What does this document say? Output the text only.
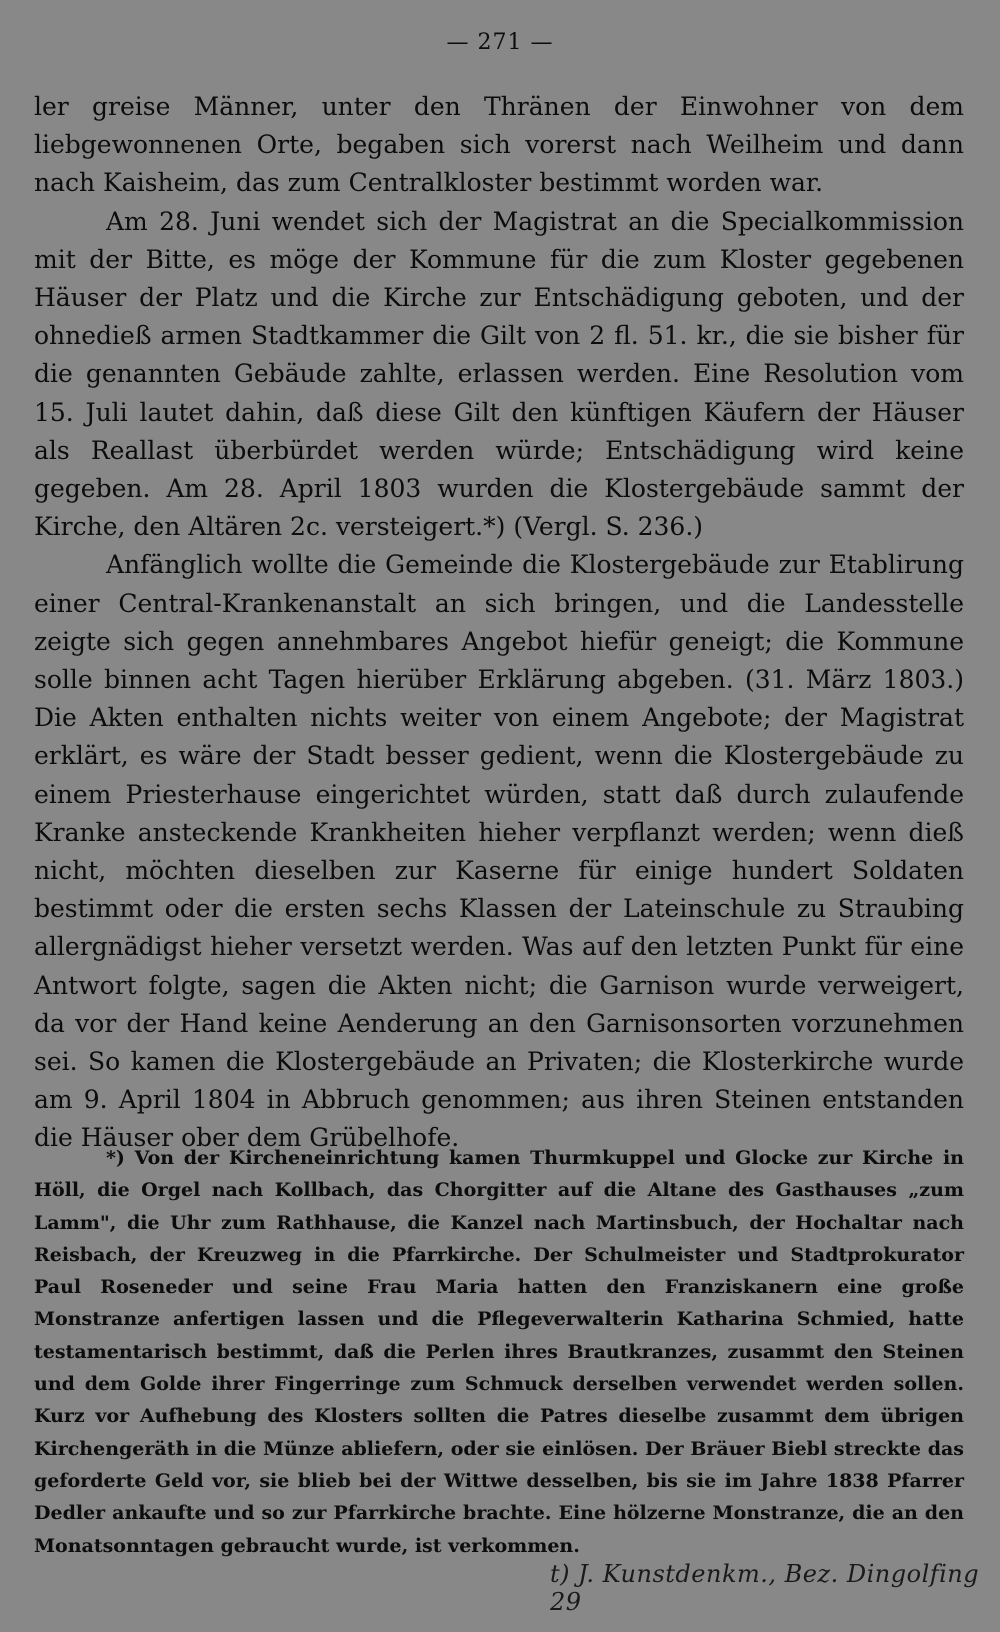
— 271 —

ler greise Männer, unter den Thränen der Einwohner von dem liebgewonnenen Orte, begaben sich vorerst nach Weilheim und dann nach Kaisheim, das zum Centralkloster bestimmt worden war.

Am 28. Juni wendet sich der Magistrat an die Specialkommission mit der Bitte, es möge der Kommune für die zum Kloster gegebenen Häuser der Platz und die Kirche zur Entschädigung geboten, und der ohnedieß armen Stadtkammer die Gilt von 2 fl. 51. kr., die sie bisher für die genannten Gebäude zahlte, erlassen werden. Eine Resolution vom 15. Juli lautet dahin, daß diese Gilt den künftigen Käufern der Häuser als Reallast überbürdet werden würde; Entschädigung wird keine gegeben. Am 28. April 1803 wurden die Klostergebäude sammt der Kirche, den Altären 2c. versteigert.*) (Vergl. S. 236.)

Anfänglich wollte die Gemeinde die Klostergebäude zur Etablirung einer Central-Krankenanstalt an sich bringen, und die Landesstelle zeigte sich gegen annehmbares Angebot hiefür geneigt; die Kommune solle binnen acht Tagen hierüber Erklärung abgeben. (31. März 1803.) Die Akten enthalten nichts weiter von einem Angebote; der Magistrat erklärt, es wäre der Stadt besser gedient, wenn die Klostergebäude zu einem Priesterhause eingerichtet würden, statt daß durch zulaufende Kranke ansteckende Krankheiten hieher verpflanzt werden; wenn dieß nicht, möchten dieselben zur Kaserne für einige hundert Soldaten bestimmt oder die ersten sechs Klassen der Lateinschule zu Straubing allergnädigst hieher versetzt werden. Was auf den letzten Punkt für eine Antwort folgte, sagen die Akten nicht; die Garnison wurde verweigert, da vor der Hand keine Aenderung an den Garnisonsorten vorzunehmen sei. So kamen die Klostergebäude an Privaten; die Klosterkirche wurde am 9. April 1804 in Abbruch genommen; aus ihren Steinen entstanden die Häuser ober dem Grübelhofe.

*) Von der Kircheneinrichtung kamen Thurmkuppel und Glocke zur Kirche in Höll, die Orgel nach Kollbach, das Chorgitter auf die Altane des Gasthauses „zum Lamm", die Uhr zum Rathhause, die Kanzel nach Martinsbuch, der Hochaltar nach Reisbach, der Kreuzweg in die Pfarrkirche. Der Schulmeister und Stadtprokurator Paul Roseneder und seine Frau Maria hatten den Franziskanern eine große Monstranze anfertigen lassen und die Pflegeverwalterin Katharina Schmied, hatte testamentarisch bestimmt, daß die Perlen ihres Brautkranzes, zusammt den Steinen und dem Golde ihrer Fingerringe zum Schmuck derselben verwendet werden sollen. Kurz vor Aufhebung des Klosters sollten die Patres dieselbe zusammt dem übrigen Kirchengeräth in die Münze abliefern, oder sie einlösen. Der Bräuer Biebl streckte das geforderte Geld vor, sie blieb bei der Wittwe desselben, bis sie im Jahre 1838 Pfarrer Dedler ankaufte und so zur Pfarrkirche brachte. Eine hölzerne Monstranze, die an den Monatsonntagen gebraucht wurde, ist verkommen.

t) J. Kunstdenkm., Bez. Dingolfing 29
